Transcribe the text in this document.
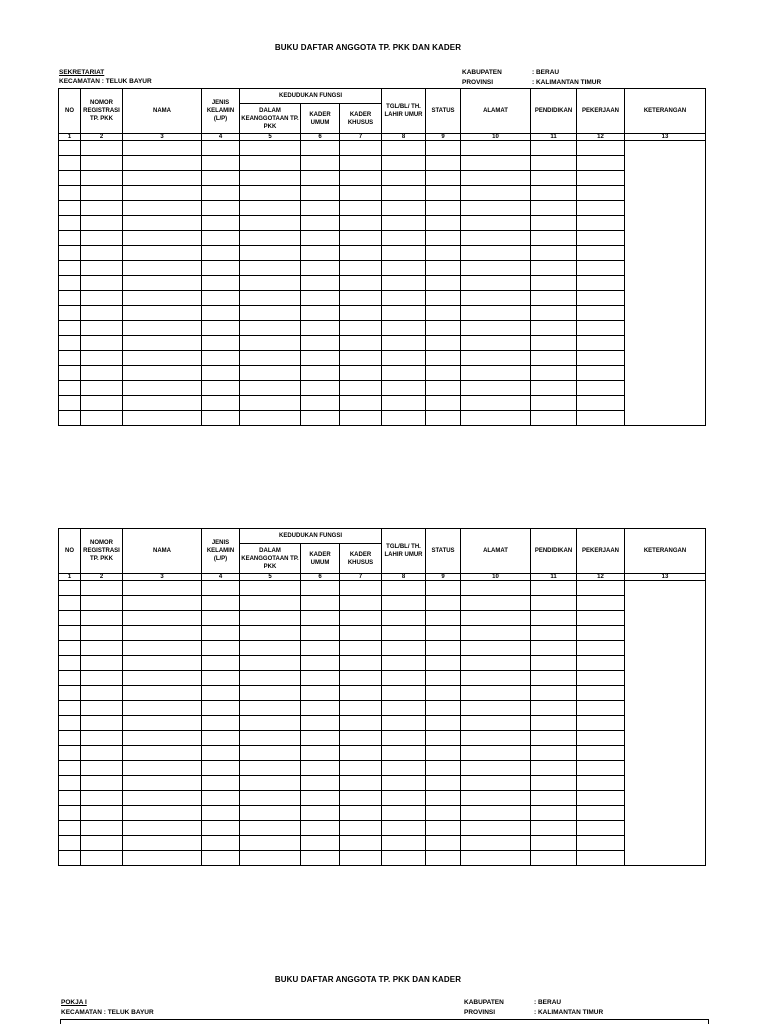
BUKU DAFTAR ANGGOTA TP. PKK DAN KADER
SEKRETARIAT
KECAMATAN : TELUK BAYUR
KABUPATEN	: BERAU
PROVINSI	: KALIMANTAN TIMUR
NO	NOMOR REGISTRASI TP. PKK	NAMA	JENIS KELAMIN (L/P)	KEDUDUKAN FUNGSI			TGL/BL/ TH. LAHIR UMUR	STATUS	ALAMAT	PENDIDIKAN	PEKERJAAN	KETERANGAN
				DALAM KEANGGOTAAN TP. PKK	KADER UMUM	KADER KHUSUS						
1	2	3	4	5	6	7	8	9	10	11	12	13

NO	NOMOR REGISTRASI TP. PKK	NAMA	JENIS KELAMIN (L/P)	KEDUDUKAN FUNGSI			TGL/BL/ TH. LAHIR UMUR	STATUS	ALAMAT	PENDIDIKAN	PEKERJAAN	KETERANGAN
				DALAM KEANGGOTAAN TP. PKK	KADER UMUM	KADER KHUSUS						
1	2	3	4	5	6	7	8	9	10	11	12	13

BUKU DAFTAR ANGGOTA TP. PKK DAN KADER
POKJA I
KECAMATAN : TELUK BAYUR
KABUPATEN	: BERAU
PROVINSI	: KALIMANTAN TIMUR
